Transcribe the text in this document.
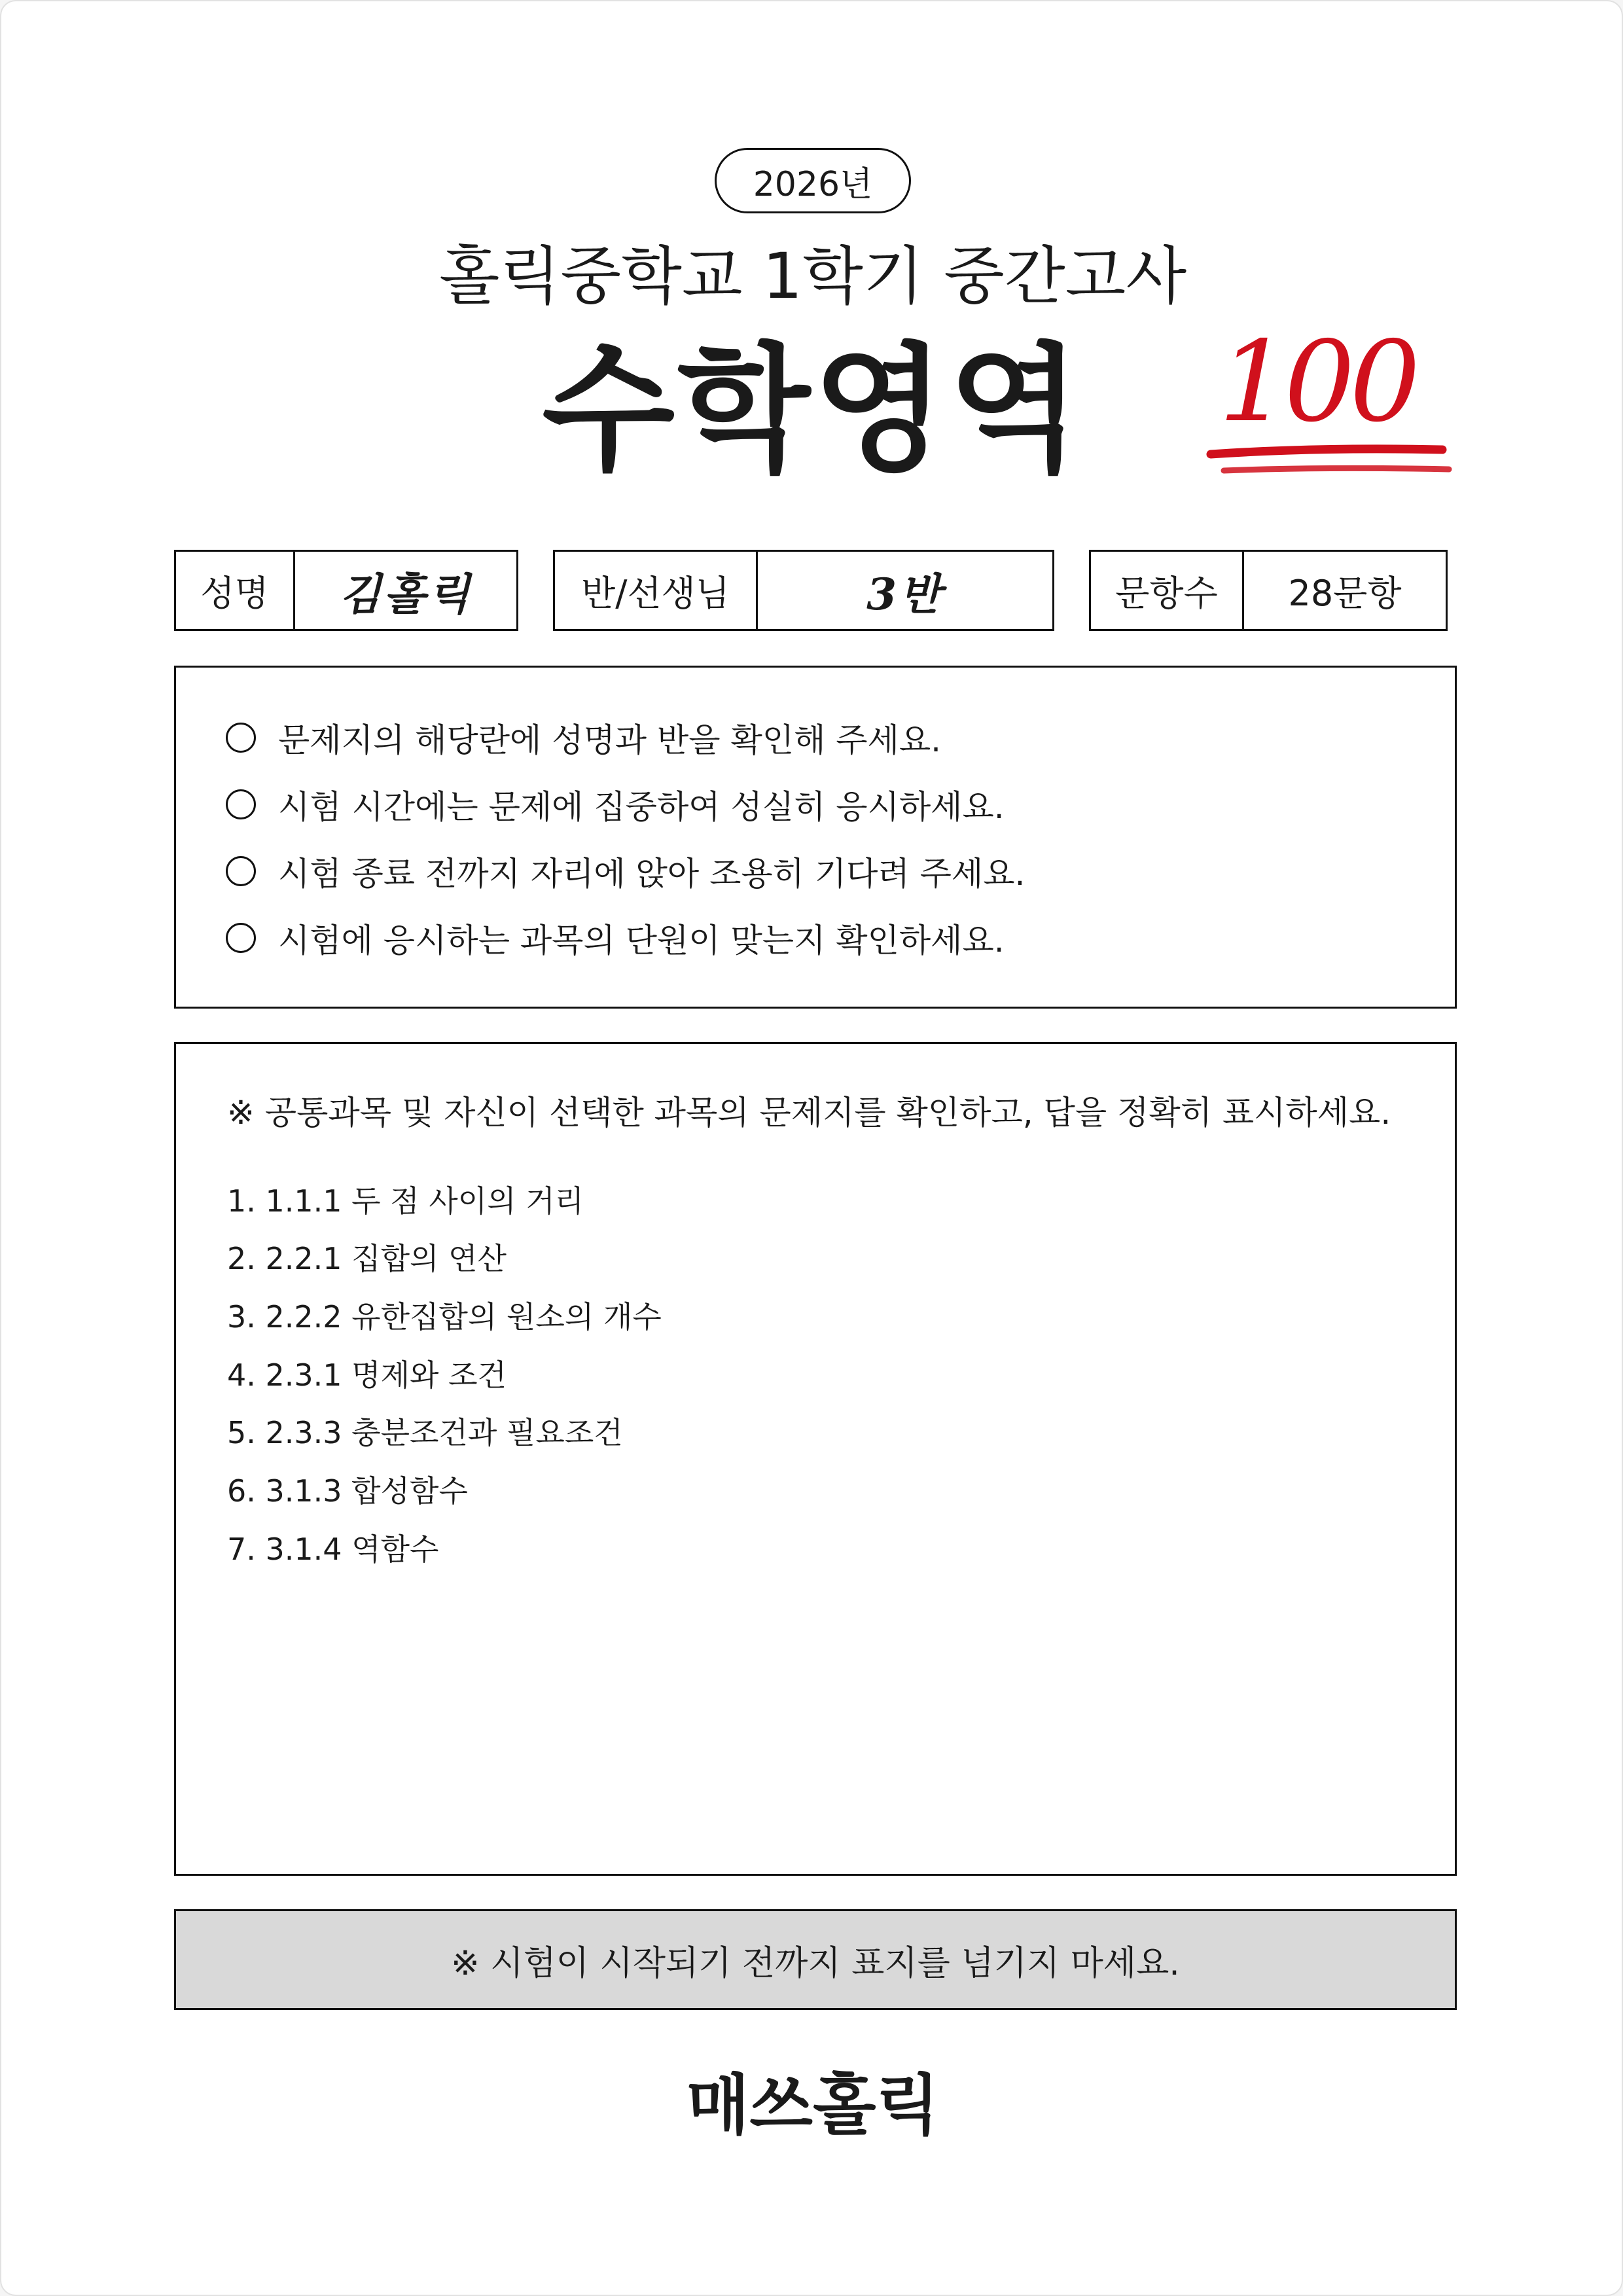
2026년
홀릭중학교 1학기 중간고사
수학영역	100
성명	김홀릭	반/선생님	3반	문항수	28문항
문제지의 해당란에 성명과 반을 확인해 주세요.
시험 시간에는 문제에 집중하여 성실히 응시하세요.
시험 종료 전까지 자리에 앉아 조용히 기다려 주세요.
시험에 응시하는 과목의 단원이 맞는지 확인하세요.
※ 공통과목 및 자신이 선택한 과목의 문제지를 확인하고, 답을 정확히 표시하세요.
1. 1.1.1 두 점 사이의 거리
2. 2.2.1 집합의 연산
3. 2.2.2 유한집합의 원소의 개수
4. 2.3.1 명제와 조건
5. 2.3.3 충분조건과 필요조건
6. 3.1.3 합성함수
7. 3.1.4 역함수
※ 시험이 시작되기 전까지 표지를 넘기지 마세요.
매쓰홀릭
